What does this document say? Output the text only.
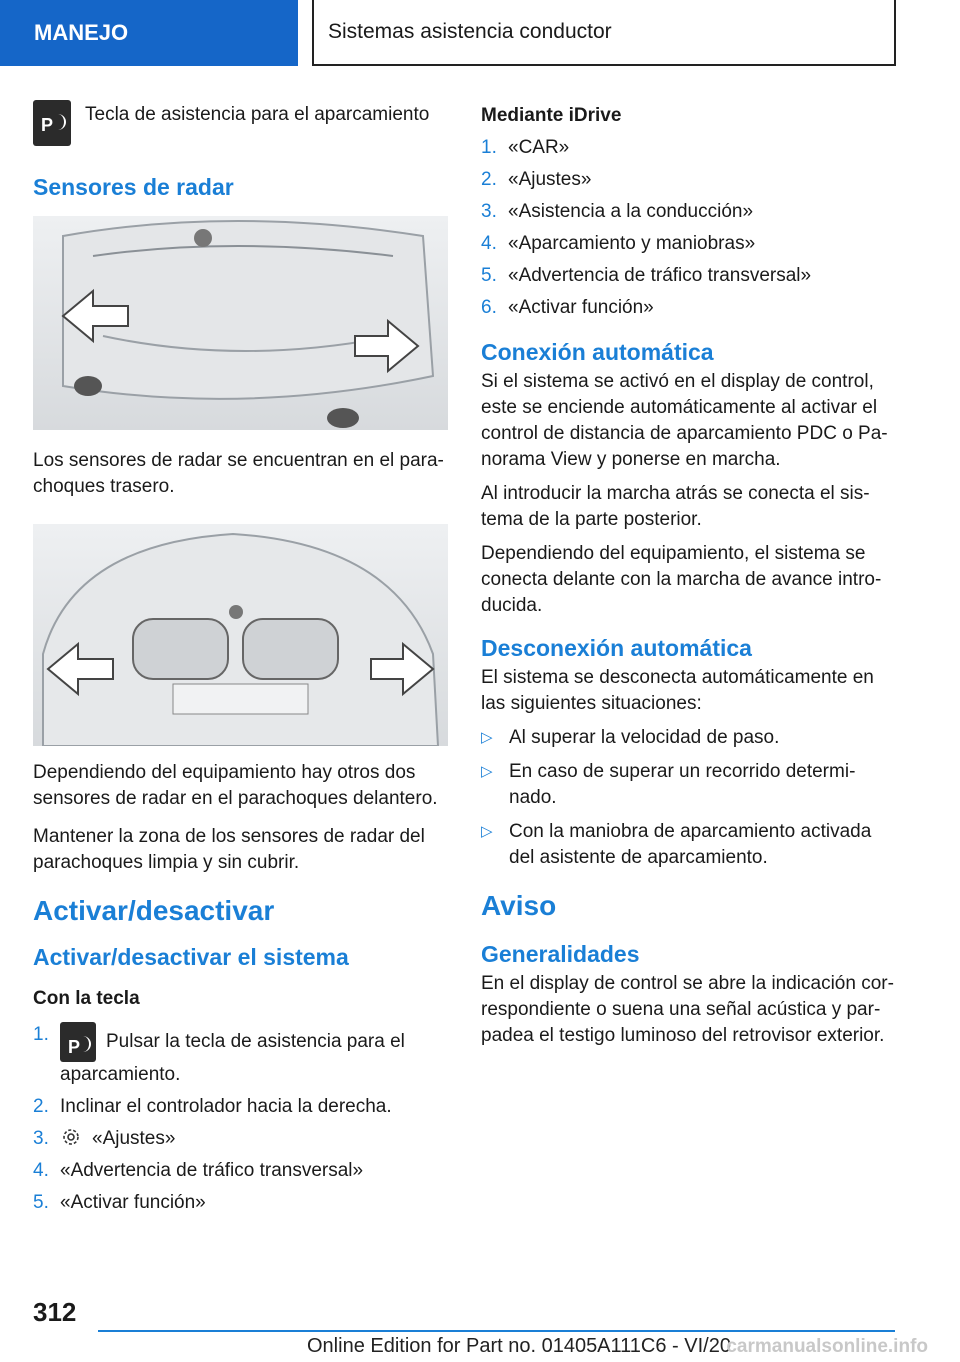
MANEJO	Sistemas asistencia conductor
P Tecla de asistencia para el aparcamiento
Sensores de radar
Los sensores de radar se encuentran en el parachoques trasero.
Dependiendo del equipamiento hay otros dos sensores de radar en el parachoques delantero.
Mantener la zona de los sensores de radar del parachoques limpia y sin cubrir.
Activar/desactivar
Activar/desactivar el sistema
Con la tecla
1.
P Pulsar la tecla de asistencia para el aparcamiento.
2. Inclinar el controlador hacia la derecha.
3.	«Ajustes»
4. «Advertencia de tráfico transversal»
5. «Activar función»
Mediante iDrive
1. «CAR»
2. «Ajustes»
3. «Asistencia a la conducción»
4. «Aparcamiento y maniobras»
5. «Advertencia de tráfico transversal»
6. «Activar función»
Conexión automática

Si el sistema se activó en el display de control, este se enciende automáticamente al activar el control de distancia de aparcamiento PDC o Panorama View y ponerse en marcha.

Al introducir la marcha atrás se conecta el sistema de la parte posterior.

Dependiendo del equipamiento, el sistema se conecta delante con la marcha de avance introducida.

Desconexión automática

El sistema se desconecta automáticamente en las siguientes situaciones:

▷ Al superar la velocidad de paso.
▷ En caso de superar un recorrido determinado.
▷ Con la maniobra de aparcamiento activada del asistente de aparcamiento.
Aviso
Generalidades

En el display de control se abre la indicación correspondiente o suena una señal acústica y parpadea el testigo luminoso del retrovisor exterior.

312
Online Edition for Part no. 01405A111C6 - VI/20
carmanualsonline.info
